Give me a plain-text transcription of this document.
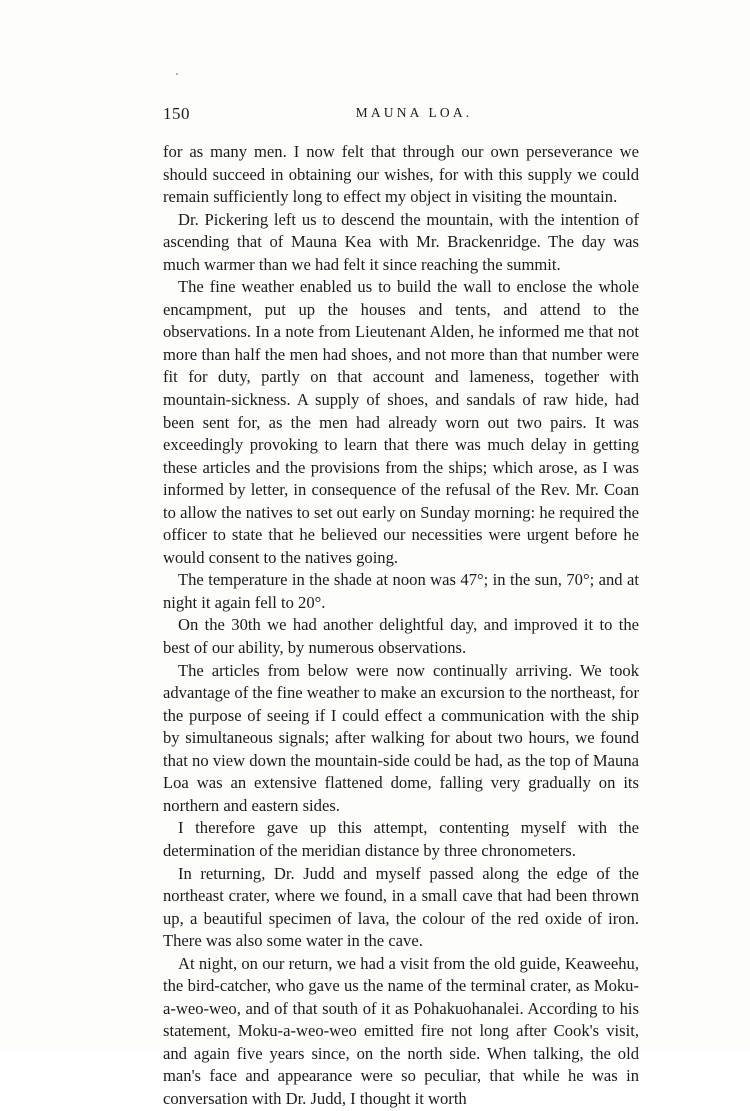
150	MAUNA LOA.

for as many men. I now felt that through our own perseverance we should succeed in obtaining our wishes, for with this supply we could remain sufficiently long to effect my object in visiting the mountain.

Dr. Pickering left us to descend the mountain, with the intention of ascending that of Mauna Kea with Mr. Brackenridge. The day was much warmer than we had felt it since reaching the summit.

The fine weather enabled us to build the wall to enclose the whole encampment, put up the houses and tents, and attend to the observations. In a note from Lieutenant Alden, he informed me that not more than half the men had shoes, and not more than that number were fit for duty, partly on that account and lameness, together with mountain-sickness. A supply of shoes, and sandals of raw hide, had been sent for, as the men had already worn out two pairs. It was exceedingly provoking to learn that there was much delay in getting these articles and the provisions from the ships; which arose, as I was informed by letter, in consequence of the refusal of the Rev. Mr. Coan to allow the natives to set out early on Sunday morning: he required the officer to state that he believed our necessities were urgent before he would consent to the natives going.

The temperature in the shade at noon was 47°; in the sun, 70°; and at night it again fell to 20°.

On the 30th we had another delightful day, and improved it to the best of our ability, by numerous observations.

The articles from below were now continually arriving. We took advantage of the fine weather to make an excursion to the northeast, for the purpose of seeing if I could effect a communication with the ship by simultaneous signals; after walking for about two hours, we found that no view down the mountain-side could be had, as the top of Mauna Loa was an extensive flattened dome, falling very gradually on its northern and eastern sides.

I therefore gave up this attempt, contenting myself with the determination of the meridian distance by three chronometers.

In returning, Dr. Judd and myself passed along the edge of the northeast crater, where we found, in a small cave that had been thrown up, a beautiful specimen of lava, the colour of the red oxide of iron. There was also some water in the cave.

At night, on our return, we had a visit from the old guide, Keaweehu, the bird-catcher, who gave us the name of the terminal crater, as Moku-a-weo-weo, and of that south of it as Pohakuohanalei. According to his statement, Moku-a-weo-weo emitted fire not long after Cook's visit, and again five years since, on the north side. When talking, the old man's face and appearance were so peculiar, that while he was in conversation with Dr. Judd, I thought it worth
